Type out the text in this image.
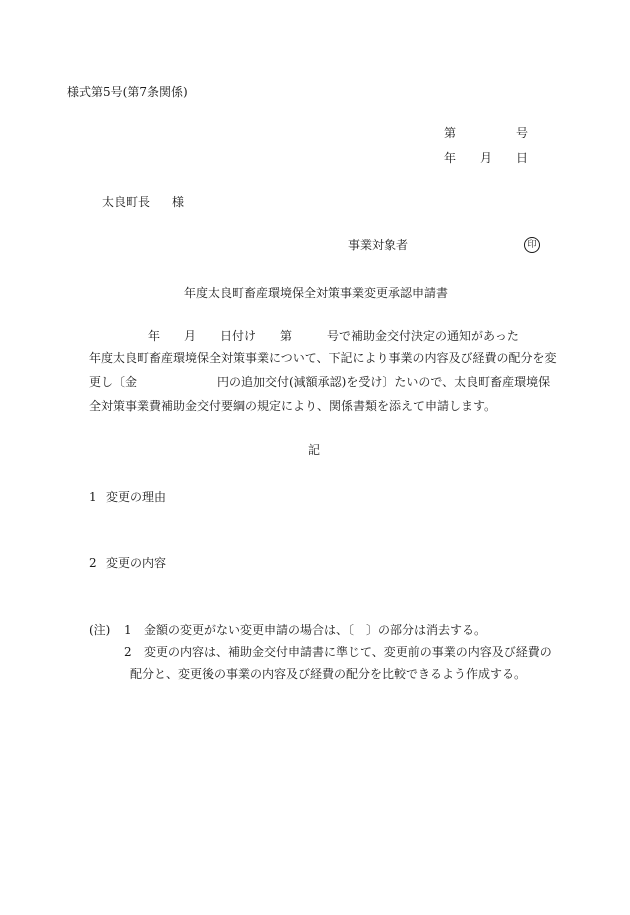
様式第5号(第7条関係)
第	号
年 月 日
太良町長 様
事業対象者	印
年度太良町畜産環境保全対策事業変更承認申請書
年 月 日付け 第	号で補助金交付決定の通知があった
年度太良町畜産環境保全対策事業について、下記により事業の内容及び経費の配分を変
更し〔金	円の追加交付(減額承認)を受け〕たいので、太良町畜産環境保
全対策事業費補助金交付要綱の規定により、関係書類を添えて申請します。
記
1 変更の理由
2 変更の内容
(注) 1 金額の変更がない変更申請の場合は、〔　〕の部分は消去する。
2 変更の内容は、補助金交付申請書に準じて、変更前の事業の内容及び経費の
配分と、変更後の事業の内容及び経費の配分を比較できるよう作成する。
